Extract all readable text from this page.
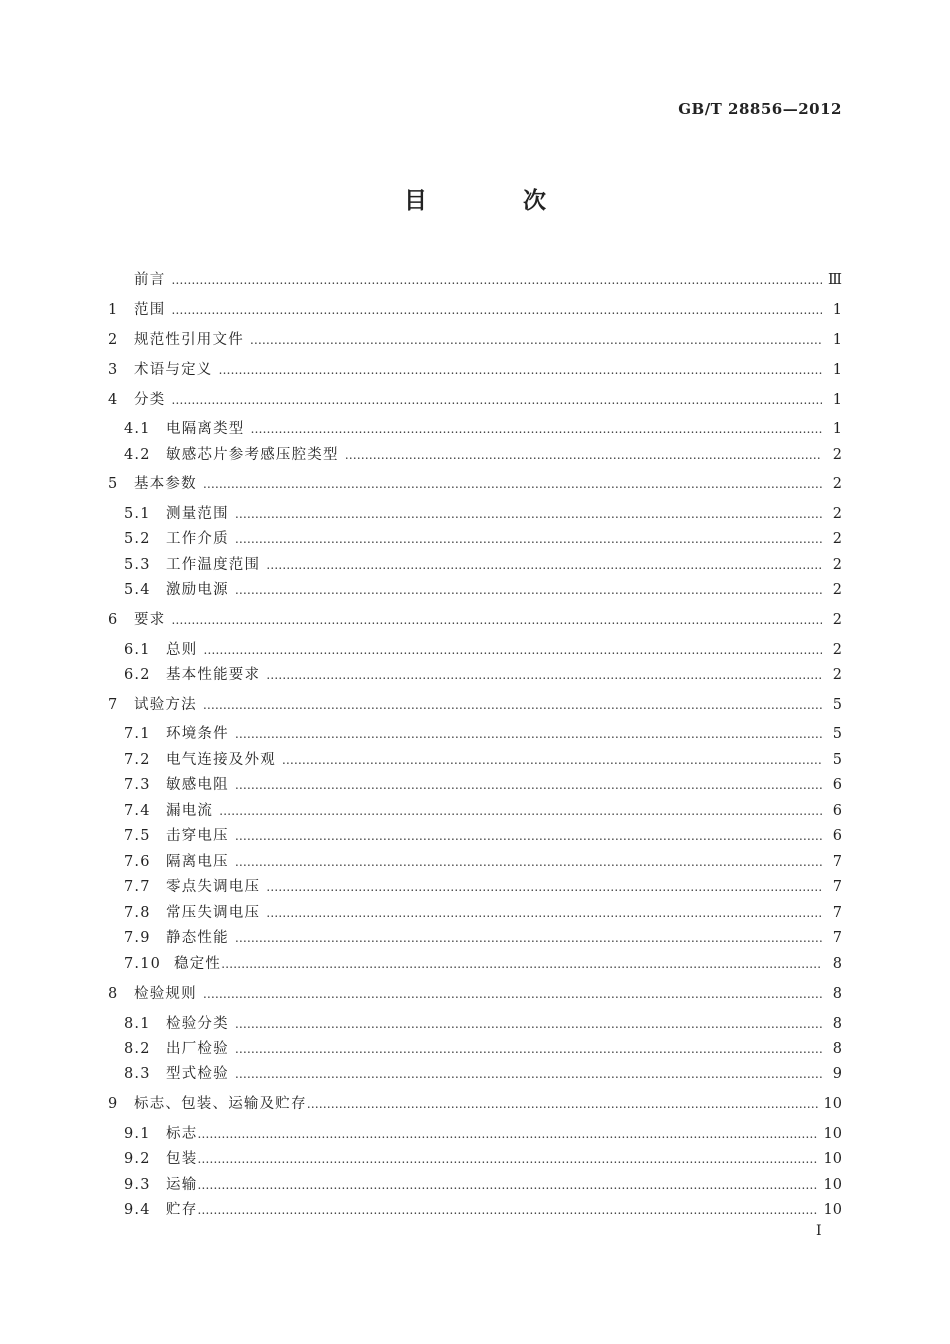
GB/T 28856—2012
目 次
前言 …………………………………………………………………………………………………………………………………………………………………………………………………………………………………………	Ⅲ
1	范围 …………………………………………………………………………………………………………………………………………………………………………………………………………………………………………	1
2	规范性引用文件 …………………………………………………………………………………………………………………………………………………………………………………………………………………………………………	1
3	术语与定义 …………………………………………………………………………………………………………………………………………………………………………………………………………………………………………	1
4	分类 …………………………………………………………………………………………………………………………………………………………………………………………………………………………………………	1
4.1	电隔离类型 …………………………………………………………………………………………………………………………………………………………………………………………………………………………………………	1
4.2	敏感芯片参考感压腔类型 …………………………………………………………………………………………………………………………………………………………………………………………………………………………………………	2
5	基本参数 …………………………………………………………………………………………………………………………………………………………………………………………………………………………………………	2
5.1	测量范围 …………………………………………………………………………………………………………………………………………………………………………………………………………………………………………	2
5.2	工作介质 …………………………………………………………………………………………………………………………………………………………………………………………………………………………………………	2
5.3	工作温度范围 …………………………………………………………………………………………………………………………………………………………………………………………………………………………………………	2
5.4	激励电源 …………………………………………………………………………………………………………………………………………………………………………………………………………………………………………	2
6	要求 …………………………………………………………………………………………………………………………………………………………………………………………………………………………………………	2
6.1	总则 …………………………………………………………………………………………………………………………………………………………………………………………………………………………………………	2
6.2	基本性能要求 …………………………………………………………………………………………………………………………………………………………………………………………………………………………………………	2
7	试验方法 …………………………………………………………………………………………………………………………………………………………………………………………………………………………………………	5
7.1	环境条件 …………………………………………………………………………………………………………………………………………………………………………………………………………………………………………	5
7.2	电气连接及外观 …………………………………………………………………………………………………………………………………………………………………………………………………………………………………………	5
7.3	敏感电阻 …………………………………………………………………………………………………………………………………………………………………………………………………………………………………………	6
7.4	漏电流 …………………………………………………………………………………………………………………………………………………………………………………………………………………………………………	6
7.5	击穿电压 …………………………………………………………………………………………………………………………………………………………………………………………………………………………………………	6
7.6	隔离电压 …………………………………………………………………………………………………………………………………………………………………………………………………………………………………………	7
7.7	零点失调电压 …………………………………………………………………………………………………………………………………………………………………………………………………………………………………………	7
7.8	常压失调电压 …………………………………………………………………………………………………………………………………………………………………………………………………………………………………………	7
7.9	静态性能 …………………………………………………………………………………………………………………………………………………………………………………………………………………………………………	7
7.10 稳定性 …………………………………………………………………………………………………………………………………………………………………………………………………………………………………………	8
8	检验规则 …………………………………………………………………………………………………………………………………………………………………………………………………………………………………………	8
8.1	检验分类 …………………………………………………………………………………………………………………………………………………………………………………………………………………………………………	8
8.2	出厂检验 …………………………………………………………………………………………………………………………………………………………………………………………………………………………………………	8
8.3	型式检验 …………………………………………………………………………………………………………………………………………………………………………………………………………………………………………	9
9	标志、包装、运输及贮存 …………………………………………………………………………………………………………………………………………………………………………………………………………………………………………	10
9.1	标志 …………………………………………………………………………………………………………………………………………………………………………………………………………………………………………	10
9.2	包装 …………………………………………………………………………………………………………………………………………………………………………………………………………………………………………	10
9.3	运输 …………………………………………………………………………………………………………………………………………………………………………………………………………………………………………	10
9.4	贮存 …………………………………………………………………………………………………………………………………………………………………………………………………………………………………………	10
I
